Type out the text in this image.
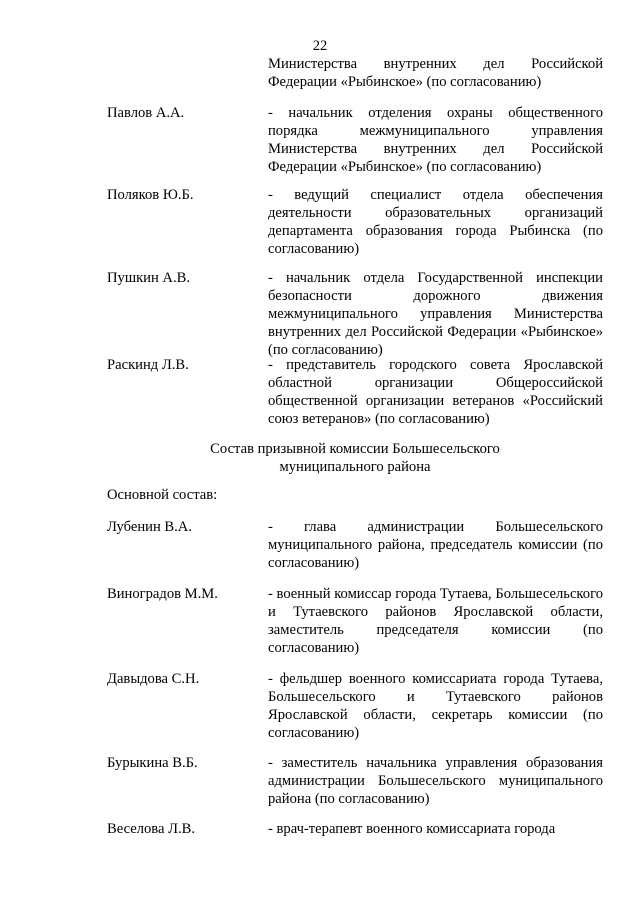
22
Министерства внутренних дел Российской Федерации «Рыбинское» (по согласованию)
Павлов А.А.	- начальник отделения охраны общественного порядка межмуниципального управления Министерства внутренних дел Российской Федерации «Рыбинское» (по согласованию)
Поляков Ю.Б.	- ведущий специалист отдела обеспечения деятельности образовательных организаций департамента образования города Рыбинска (по согласованию)
Пушкин А.В.	- начальник отдела Государственной инспекции безопасности дорожного движения межмуниципального управления Министерства внутренних дел Российской Федерации «Рыбинское» (по согласованию)
Раскинд Л.В.	- представитель городского совета Ярославской областной организации Общероссийской общественной организации ветеранов «Российский союз ветеранов» (по согласованию)
Состав призывной комиссии Большесельского муниципального района
Основной состав:
Лубенин В.А.	- глава администрации Большесельского муниципального района, председатель комиссии (по согласованию)
Виноградов М.М.	- военный комиссар города Тутаева, Большесельского и Тутаевского районов Ярославской области, заместитель председателя комиссии (по согласованию)
Давыдова С.Н.	- фельдшер военного комиссариата города Тутаева, Большесельского и Тутаевского районов Ярославской области, секретарь комиссии (по согласованию)
Бурыкина В.Б.	- заместитель начальника управления образования администрации Большесельского муниципального района (по согласованию)
Веселова Л.В.	- врач-терапевт военного комиссариата города
